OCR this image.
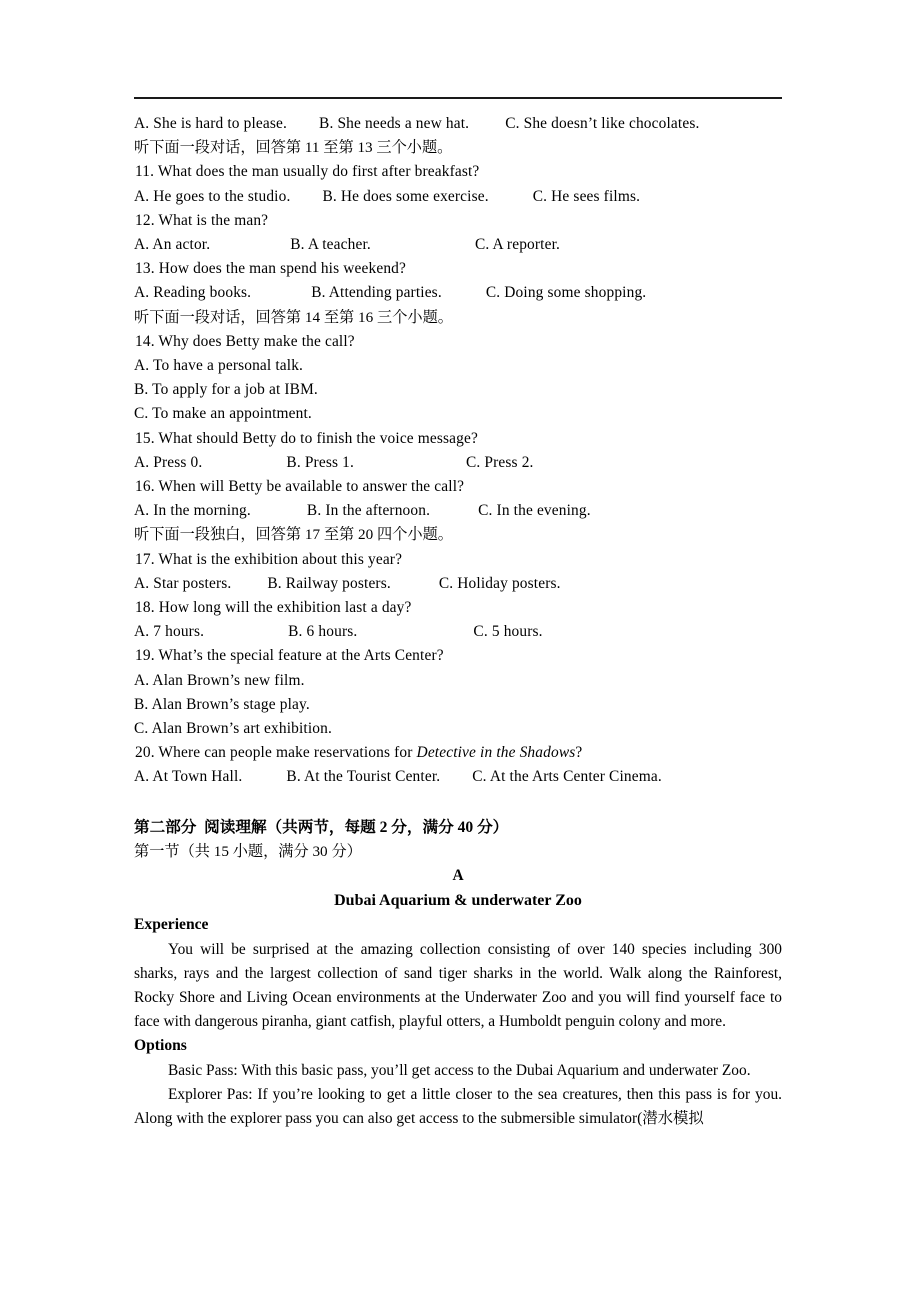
A. She is hard to please.        B. She needs a new hat.         C. She doesn’t like chocolates.
听下面一段对话，回答第 11 至第 13 三个小题。
11. What does the man usually do first after breakfast?
A. He goes to the studio.        B. He does some exercise.           C. He sees films.
12. What is the man?
A. An actor.                    B. A teacher.                          C. A reporter.
13. How does the man spend his weekend?
A. Reading books.               B. Attending parties.           C. Doing some shopping.
听下面一段对话，回答第 14 至第 16 三个小题。
14. Why does Betty make the call?
A. To have a personal talk.
B. To apply for a job at IBM.
C. To make an appointment.
15. What should Betty do to finish the voice message?
A. Press 0.                     B. Press 1.                            C. Press 2.
16. When will Betty be available to answer the call?
A. In the morning.              B. In the afternoon.            C. In the evening.
听下面一段独白，回答第 17 至第 20 四个小题。
17. What is the exhibition about this year?
A. Star posters.         B. Railway posters.            C. Holiday posters.
18. How long will the exhibition last a day?
A. 7 hours.                     B. 6 hours.                             C. 5 hours.
19. What’s the special feature at the Arts Center?
A. Alan Brown’s new film.
B. Alan Brown’s stage play.
C. Alan Brown’s art exhibition.
20. Where can people make reservations for Detective in the Shadows?
A. At Town Hall.           B. At the Tourist Center.        C. At the Arts Center Cinema.
第二部分  阅读理解（共两节，每题 2 分，满分 40 分）
第一节（共 15 小题，满分 30 分）
A
Dubai Aquarium & underwater Zoo
Experience

You will be surprised at the amazing collection consisting of over 140 species including 300 sharks, rays and the largest collection of sand tiger sharks in the world. Walk along the Rainforest, Rocky Shore and Living Ocean environments at the Underwater Zoo and you will find yourself face to face with dangerous piranha, giant catfish, playful otters, a Humboldt penguin colony and more.

Options

Basic Pass: With this basic pass, you’ll get access to the Dubai Aquarium and underwater Zoo.

Explorer Pas: If you’re looking to get a little closer to the sea creatures, then this pass is for you. Along with the explorer pass you can also get access to the submersible simulator(潜水模拟
